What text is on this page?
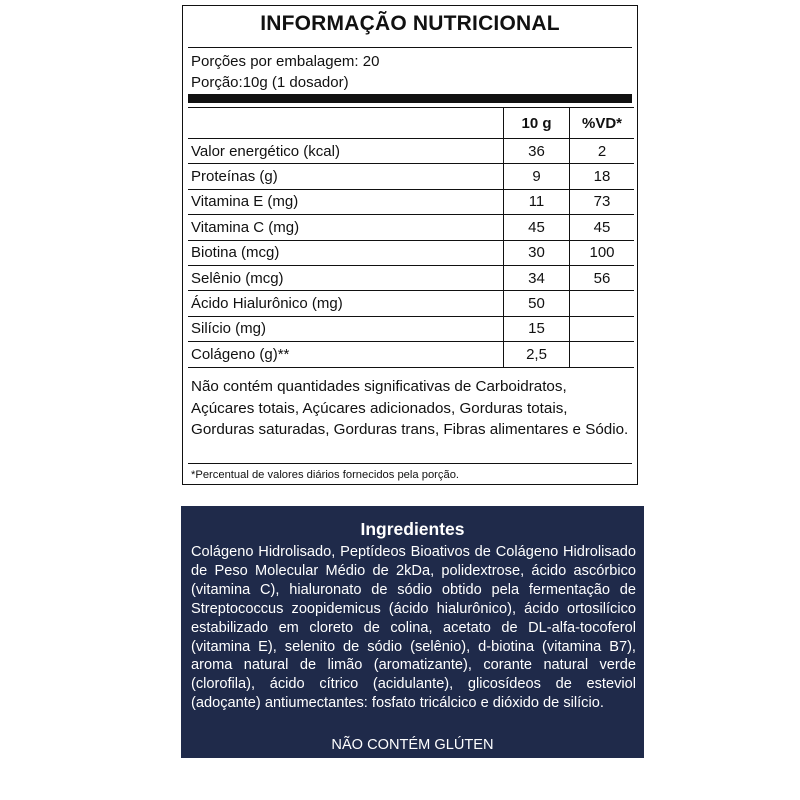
INFORMAÇÃO NUTRICIONAL
Porções por embalagem: 20
Porção:10g (1 dosador)
	10 g	%VD*
Valor energético (kcal)	36	2
Proteínas (g)	9	18
Vitamina E (mg)	11	73
Vitamina C (mg)	45	45
Biotina (mcg)	30	100
Selênio (mcg)	34	56
Ácido Hialurônico (mg)	50	
Silício (mg)	15	
Colágeno (g)**	2,5	
Não contém quantidades significativas de Carboidratos, Açúcares totais, Açúcares adicionados, Gorduras totais, Gorduras saturadas, Gorduras trans, Fibras alimentares e Sódio.
*Percentual de valores diários fornecidos pela porção.
Ingredientes
Colágeno Hidrolisado, Peptídeos Bioativos de Colágeno Hidrolisado de Peso Molecular Médio de 2kDa, polidextrose, ácido ascórbico (vitamina C), hialuronato de sódio obtido pela fermentação de Streptococcus zoopidemicus (ácido hialurônico), ácido ortosilícico estabilizado em cloreto de colina, acetato de DL-alfa-tocoferol (vitamina E), selenito de sódio (selênio), d-biotina (vitamina B7), aroma natural de limão (aromatizante), corante natural verde (clorofila), ácido cítrico (acidulante), glicosídeos de esteviol (adoçante) antiumectantes: fosfato tricálcico e dióxido de silício.
NÃO CONTÉM GLÚTEN
